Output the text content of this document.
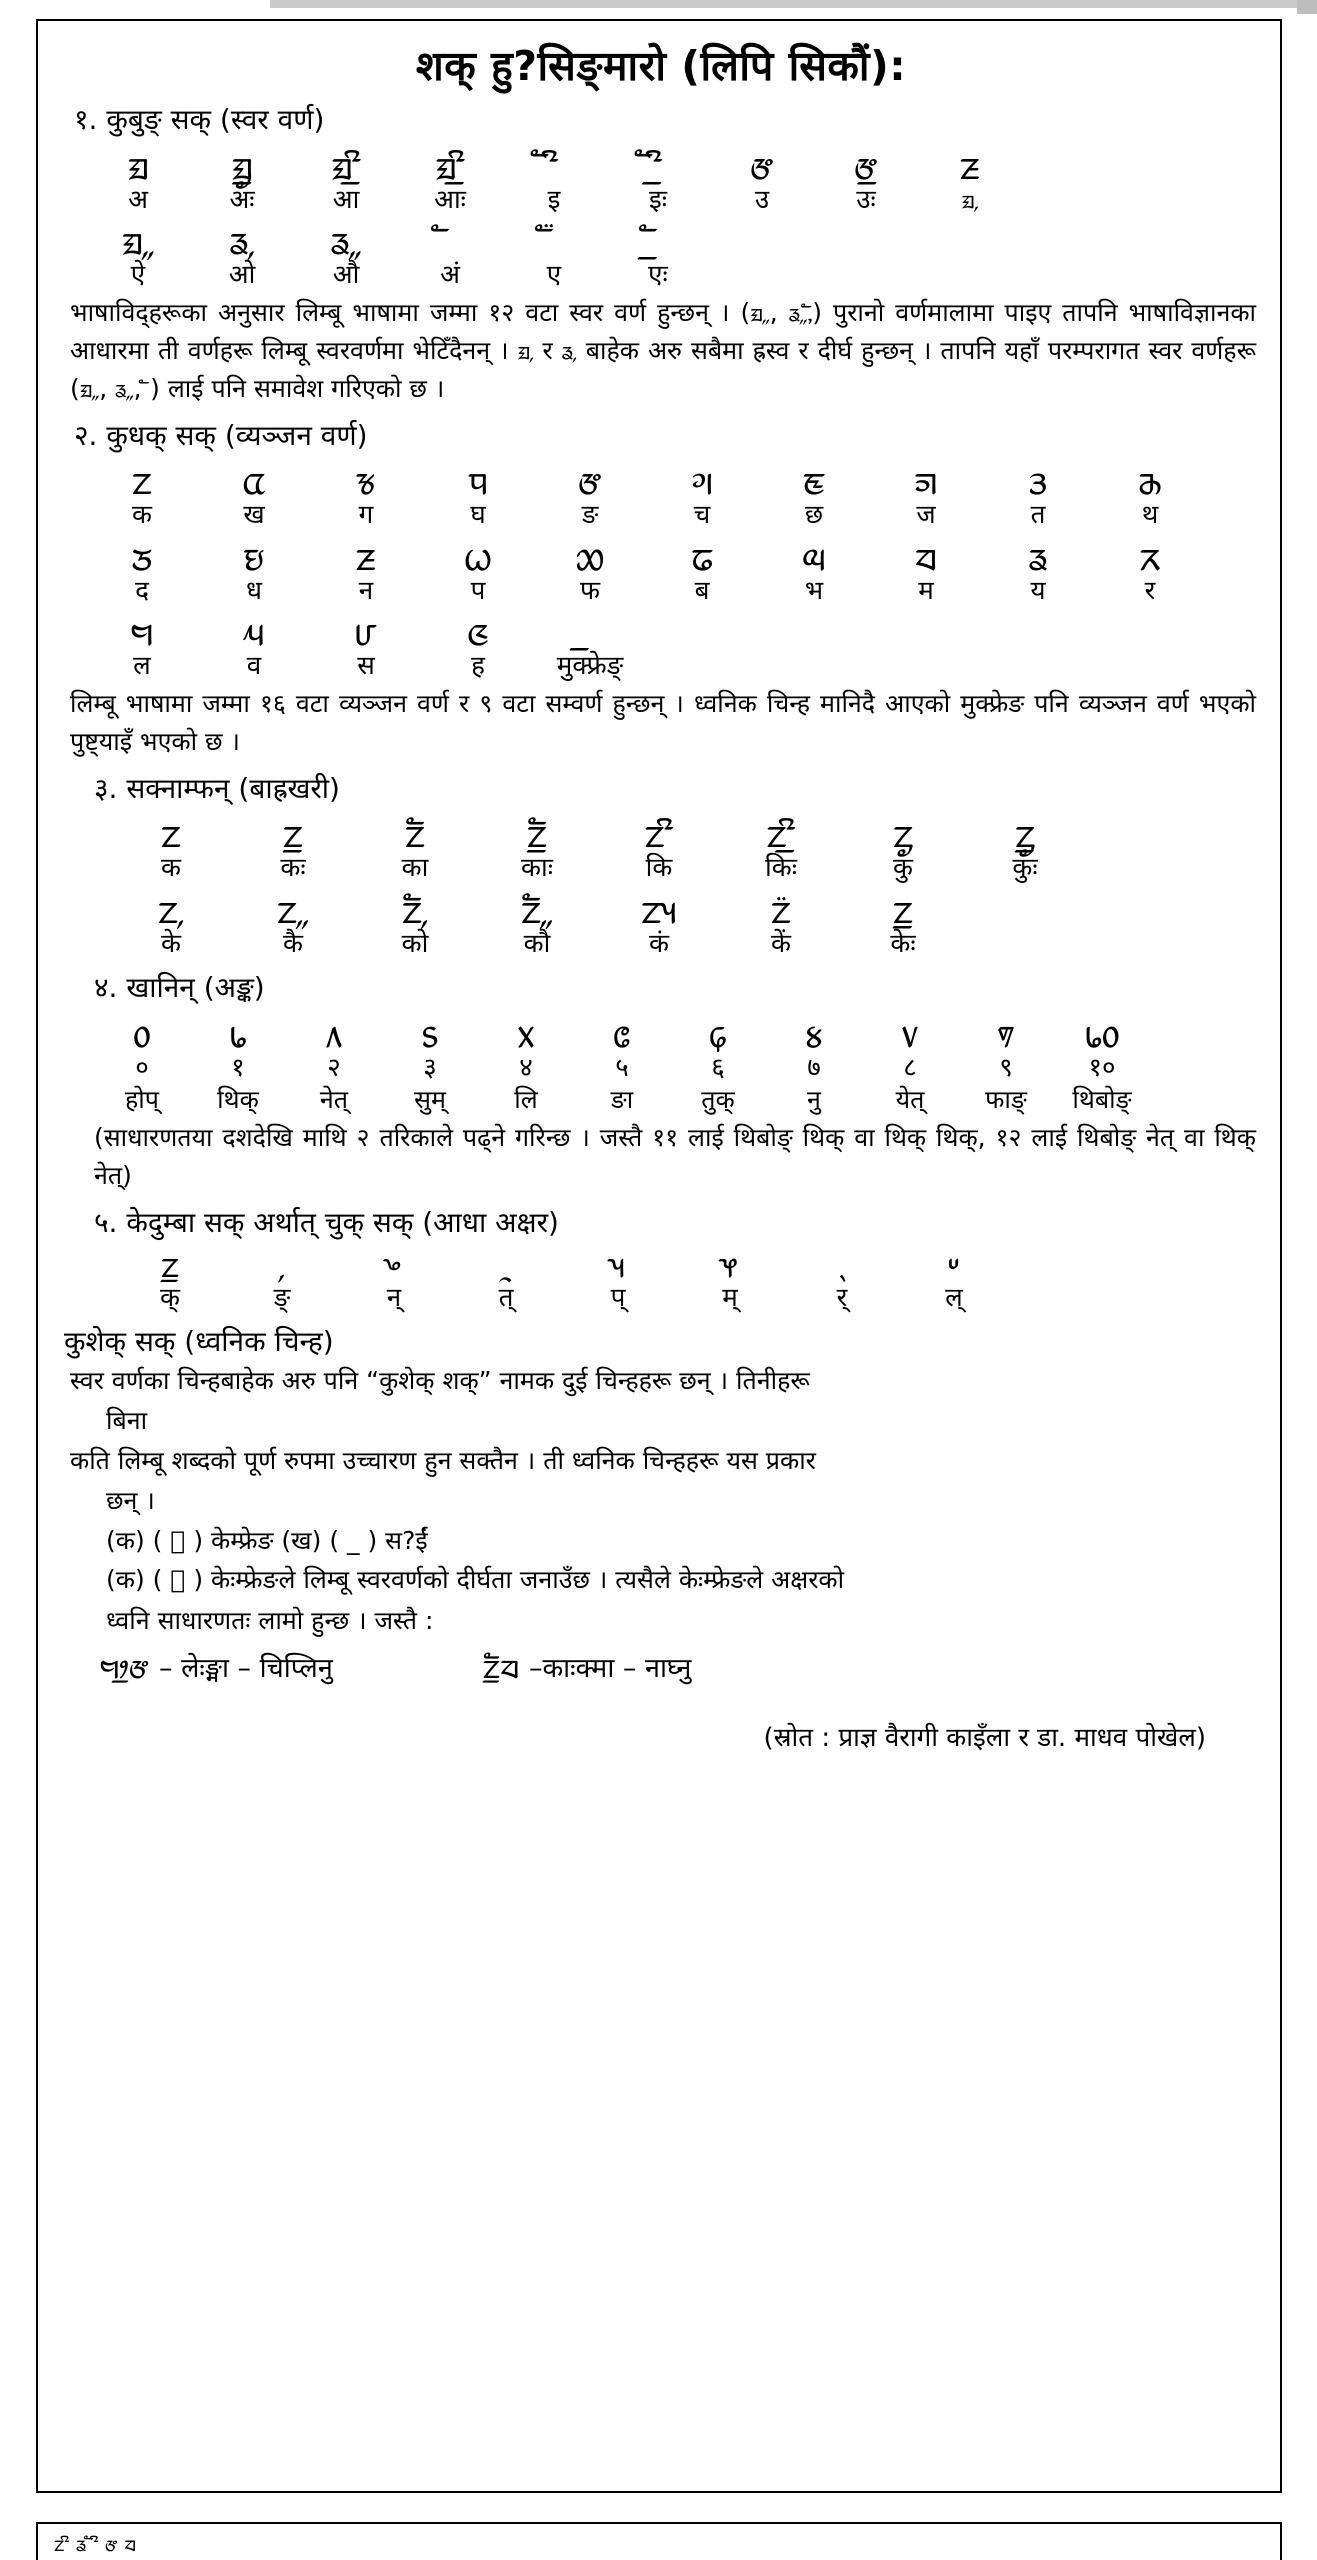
शक् हु?सिङ्‍मारो (लिपि सिकौं):
१. कुबुङ् सक् (स्वर वर्ण)
ᤀ	ᤀᤢ᤻	ᤀᤡ᤻	ᤀᤡ᤻᤻	ᤠᤡ	ᤠᤡ᤻	ᤅ	ᤅ᤻	ᤏ
अ	अः	आ	आः	इ	इः	उ	उः	ᤀ᤹
ᤀ᤹᤹	ᤕ᤹	ᤕ᤹᤹
ऐ	ओ	औ	अं	ए	एः
भाषाविद्हरूका अनुसार लिम्बू भाषामा जम्मा १२ वटा स्वर वर्ण हुन्छन् । (ᤀ᤹᤹, ᤕ᤹᤹,ᤠ) पुरानो वर्णमालामा पाइए तापनि भाषाविज्ञानका आधारमा ती वर्णहरू लिम्बू स्वरवर्णमा भेटिँदैनन् । ᤀ᤹ र ᤕ᤹ बाहेक अरु सबैमा ह्रस्व र दीर्घ हुन्छन् । तापनि यहाँ परम्परागत स्वर वर्णहरू (ᤀ᤹᤹, ᤕ᤹᤹, ᤠ) लाई पनि समावेश गरिएको छ ।
२. कुधक् सक् (व्यञ्जन वर्ण)
ᤁ	ᤂ	ᤃ	ᤄ	ᤅ	ᤆ	ᤇ	ᤈ	ᤋ	ᤌ
क	ख	ग	घ	ङ	च	छ	ज	त	थ
ᤍ	ᤎ	ᤏ	ᤐ	ᤑ	ᤒ	ᤓ	ᤔ	ᤕ	ᤖ
द	ध	न	प	फ	ब	भ	म	य	र
ᤗ	ᤘ	ᤙ	ᤜ
ल	व	स	ह	मुक्फ्रेङ्
लिम्बू भाषामा जम्मा १६ वटा व्यञ्जन वर्ण र ९ वटा सम्वर्ण हुन्छन् । ध्वनिक चिन्ह मानिदै आएको मुक्फ्रेङ पनि व्यञ्जन वर्ण भएको पुष्ट्याइँ भएको छ ।
३. सक्नाम्फन् (बाह्रखरी)
ᤁ	ᤁ᤻	ᤁᤠ	ᤁᤠ᤻	ᤁᤡ	ᤁᤡ᤻	ᤁᤢ	ᤁᤢ᤻
क	कः	का	काः	कि	किः	कु	कुः
ᤁ᤹	ᤁ᤹᤹	ᤁᤠ᤹	ᤁᤠ᤹᤹	ᤁᤵ	ᤁ᤺	ᤁ᤻᤻
के	कै	को	कौ	कं	कें	केः
४. खानिन् (अङ्क)
᥆	᥇	᥈	᥉	᥊	᥋	᥌	᥍	᥎	᥏	᥇᥆
०	१	२	३	४	५	६	७	८	९	१०
होप्	थिक्	नेत्	सुम्	लि	ङा	तुक्	नु	येत्	फाङ्	थिबोङ्
(साधारणतया दशदेखि माथि २ तरिकाले पढ्ने गरिन्छ । जस्तै ११ लाई थिबोङ् थिक् वा थिक् थिक्, १२ लाई थिबोङ् नेत् वा थिक् नेत्)
५. केदुम्बा सक् अर्थात् चुक् सक् (आधा अक्षर)
ᤁ᤻	᤹	ᤴ	ᤳ	ᤵ	ᤶ	ᤷ	ᤸ
क्	ङ्	न्	त्	प्	म्	र्	ल्
कुशेक् सक् (ध्वनिक चिन्ह)
स्वर वर्णका चिन्हबाहेक अरु पनि “कुशेक् शक्” नामक दुई चिन्हहरू छन् । तिनीहरू
बिना
कति लिम्बू शब्दको पूर्ण रुपमा उच्चारण हुन सक्तैन । ती ध्वनिक चिन्हहरू यस प्रकार
छन् ।
(क) ( ॒ ) केम्फ्रेङ (ख) ( _ ) स?ईं
(क) ( ॒ ) केःम्फ्रेङले लिम्बू स्वरवर्णको दीर्घता जनाउँछ । त्यसैले केःम्फ्रेङले अक्षरको
ध्वनि साधारणतः लामो हुन्छ । जस्तै :
ᤗᤣ᤻ᤅ – लेःङ्मा – चिप्लिनु	ᤁᤠ᤻ᤔ –काःक्मा – नाघ्नु
(स्रोत : प्राज्ञ वैरागी काइँला र डा. माधव पोखेल)
ᤁᤡ ᤕ ᤠᤡ ᤅ ᤔ
